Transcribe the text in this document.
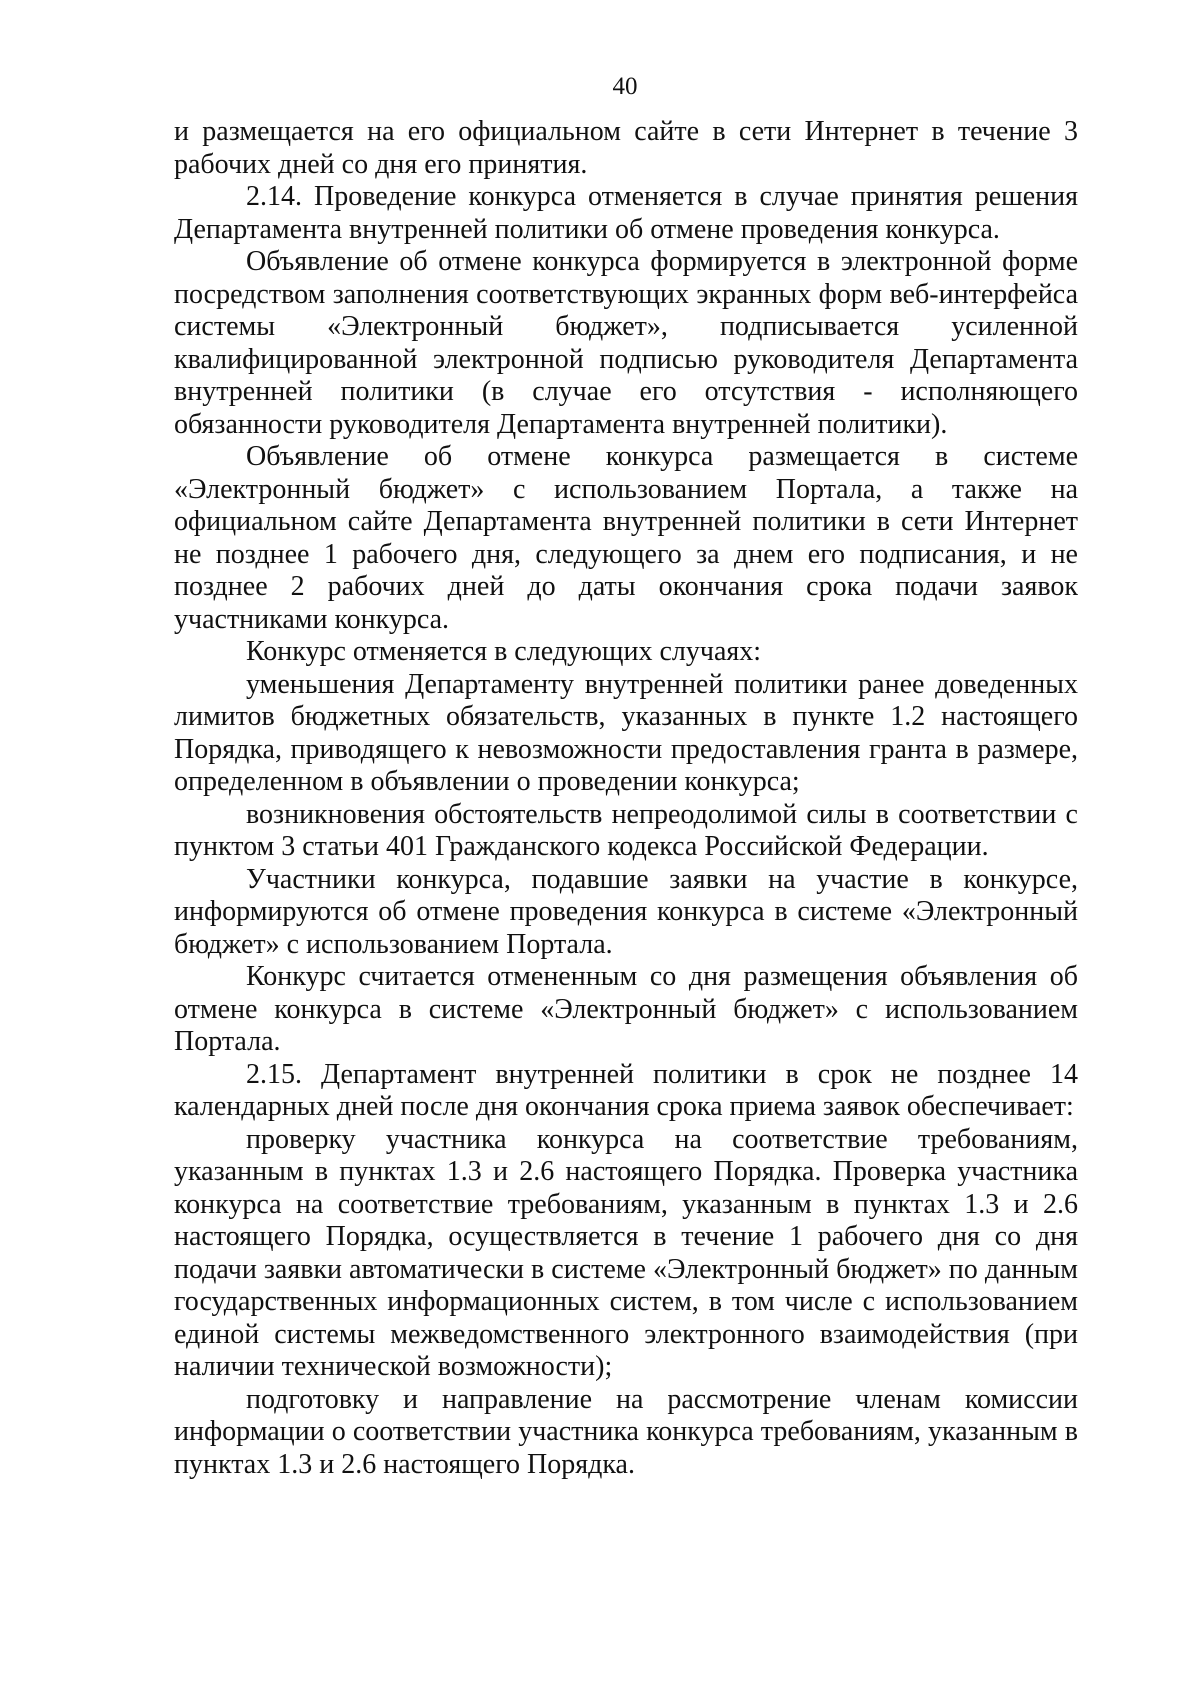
40

и размещается на его официальном сайте в сети Интернет в течение 3 рабочих дней со дня его принятия.

2.14. Проведение конкурса отменяется в случае принятия решения Департамента внутренней политики об отмене проведения конкурса.

Объявление об отмене конкурса формируется в электронной форме посредством заполнения соответствующих экранных форм веб-интерфейса системы «Электронный бюджет», подписывается усиленной квалифицированной электронной подписью руководителя Департамента внутренней политики (в случае его отсутствия - исполняющего обязанности руководителя Департамента внутренней политики).

Объявление об отмене конкурса размещается в системе «Электронный бюджет» с использованием Портала, а также на официальном сайте Департамента внутренней политики в сети Интернет не позднее 1 рабочего дня, следующего за днем его подписания, и не позднее 2 рабочих дней до даты окончания срока подачи заявок участниками конкурса.

Конкурс отменяется в следующих случаях:

уменьшения Департаменту внутренней политики ранее доведенных лимитов бюджетных обязательств, указанных в пункте 1.2 настоящего Порядка, приводящего к невозможности предоставления гранта в размере, определенном в объявлении о проведении конкурса;

возникновения обстоятельств непреодолимой силы в соответствии с пунктом 3 статьи 401 Гражданского кодекса Российской Федерации.

Участники конкурса, подавшие заявки на участие в конкурсе, информируются об отмене проведения конкурса в системе «Электронный бюджет» с использованием Портала.

Конкурс считается отмененным со дня размещения объявления об отмене конкурса в системе «Электронный бюджет» с использованием Портала.

2.15. Департамент внутренней политики в срок не позднее 14 календарных дней после дня окончания срока приема заявок обеспечивает:

проверку участника конкурса на соответствие требованиям, указанным в пунктах 1.3 и 2.6 настоящего Порядка. Проверка участника конкурса на соответствие требованиям, указанным в пунктах 1.3 и 2.6 настоящего Порядка, осуществляется в течение 1 рабочего дня со дня подачи заявки автоматически в системе «Электронный бюджет» по данным государственных информационных систем, в том числе с использованием единой системы межведомственного электронного взаимодействия (при наличии технической возможности);

подготовку и направление на рассмотрение членам комиссии информации о соответствии участника конкурса требованиям, указанным в пунктах 1.3 и 2.6 настоящего Порядка.
